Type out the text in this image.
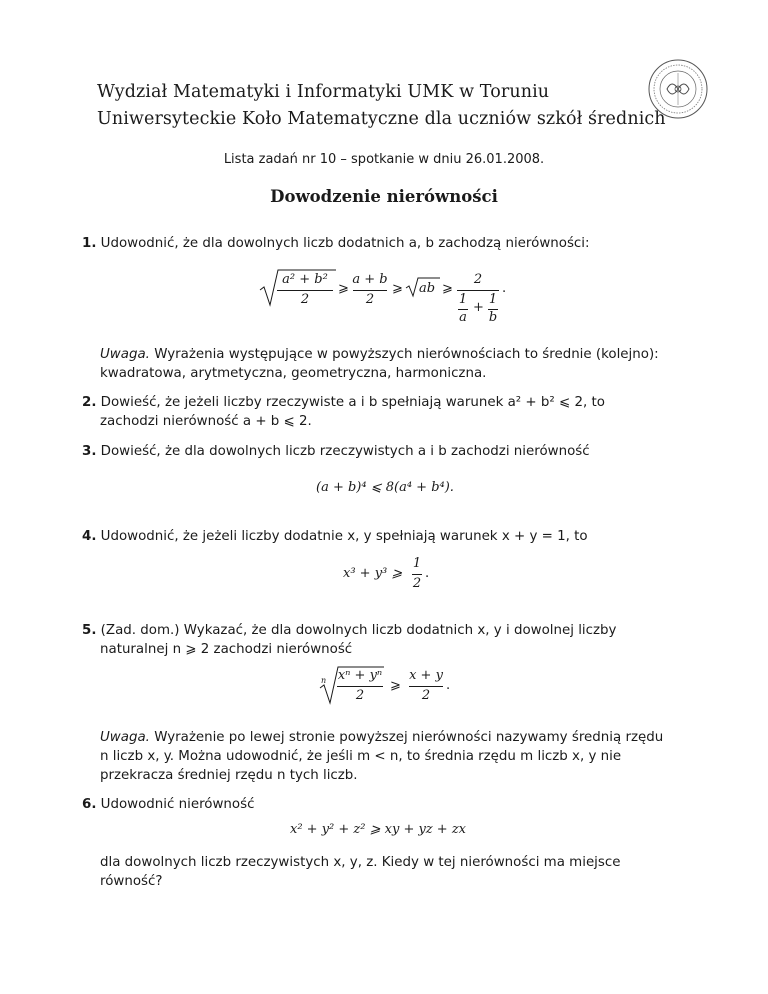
Wydział Matematyki i Informatyki UMK w Toruniu
Uniwersyteckie Koło Matematyczne dla uczniów szkół średnich
Lista zadań nr 10 – spotkanie w dniu 26.01.2008.
Dowodzenie nierówności
1. Udowodnić, że dla dowolnych liczb dodatnich a, b zachodzą nierówności:
a² + b²
2
⩾
a + b
2
⩾ ab ⩾
2
1
a
+
1
b
.
Uwaga. Wyrażenia występujące w powyższych nierównościach to średnie (kolejno): kwadratowa, arytmetyczna, geometryczna, harmoniczna.
2. Dowieść, że jeżeli liczby rzeczywiste a i b spełniają warunek a² + b² ⩽ 2, to
zachodzi nierówność a + b ⩽ 2.
3. Dowieść, że dla dowolnych liczb rzeczywistych a i b zachodzi nierówność
(a + b)⁴ ⩽ 8(a⁴ + b⁴).
4. Udowodnić, że jeżeli liczby dodatnie x, y spełniają warunek x + y = 1, to
x³ + y³ ⩾
1
2
.
5. (Zad. dom.) Wykazać, że dla dowolnych liczb dodatnich x, y i dowolnej liczby
naturalnej n ⩾ 2 zachodzi nierówność
n xⁿ + yⁿ
2
⩾
x + y
2
.
Uwaga. Wyrażenie po lewej stronie powyższej nierówności nazywamy średnią rzędu n liczb x, y. Można udowodnić, że jeśli m < n, to średnia rzędu m liczb x, y nie przekracza średniej rzędu n tych liczb.
6. Udowodnić nierówność
x² + y² + z² ⩾ xy + yz + zx
dla dowolnych liczb rzeczywistych x, y, z. Kiedy w tej nierówności ma miejsce
równość?
